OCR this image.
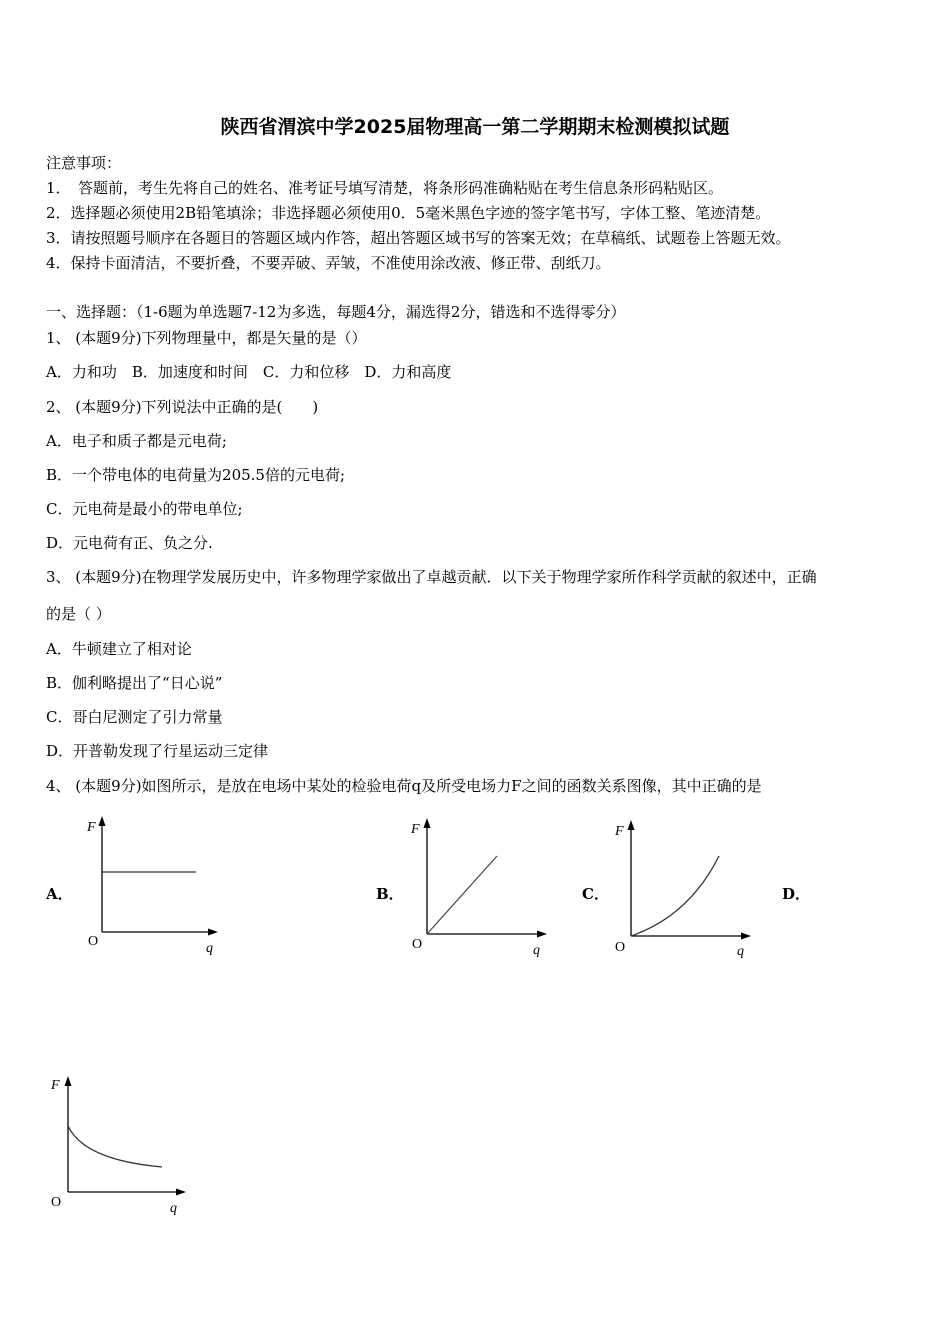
陕西省渭滨中学2025届物理高一第二学期期末检测模拟试题
注意事项：
1．　答题前，考生先将自己的姓名、准考证号填写清楚，将条形码准确粘贴在考生信息条形码粘贴区。
2．选择题必须使用2B铅笔填涂；非选择题必须使用0．5毫米黑色字迹的签字笔书写，字体工整、笔迹清楚。
3．请按照题号顺序在各题目的答题区域内作答，超出答题区域书写的答案无效；在草稿纸、试题卷上答题无效。
4．保持卡面清洁，不要折叠，不要弄破、弄皱，不准使用涂改液、修正带、刮纸刀。
一、选择题：（1-6题为单选题7-12为多选，每题4分，漏选得2分，错选和不选得零分）
1、 (本题9分)下列物理量中，都是矢量的是（）
A．力和功　B．加速度和时间　C．力和位移　D．力和高度
2、 (本题9分)下列说法中正确的是(　　)
A．电子和质子都是元电荷;
B．一个带电体的电荷量为205.5倍的元电荷;
C．元电荷是最小的带电单位;
D．元电荷有正、负之分.
3、 (本题9分)在物理学发展历史中，许多物理学家做出了卓越贡献．以下关于物理学家所作科学贡献的叙述中，正确
的是（ ）
A．牛顿建立了相对论
B．伽利略提出了“日心说”
C．哥白尼测定了引力常量
D．开普勒发现了行星运动三定律
4、 (本题9分)如图所示，是放在电场中某处的检验电荷q及所受电场力F之间的函数关系图像，其中正确的是
A．	B．	C．	D．
F
O	q
F
O	q
F
O	q
F
O	q
